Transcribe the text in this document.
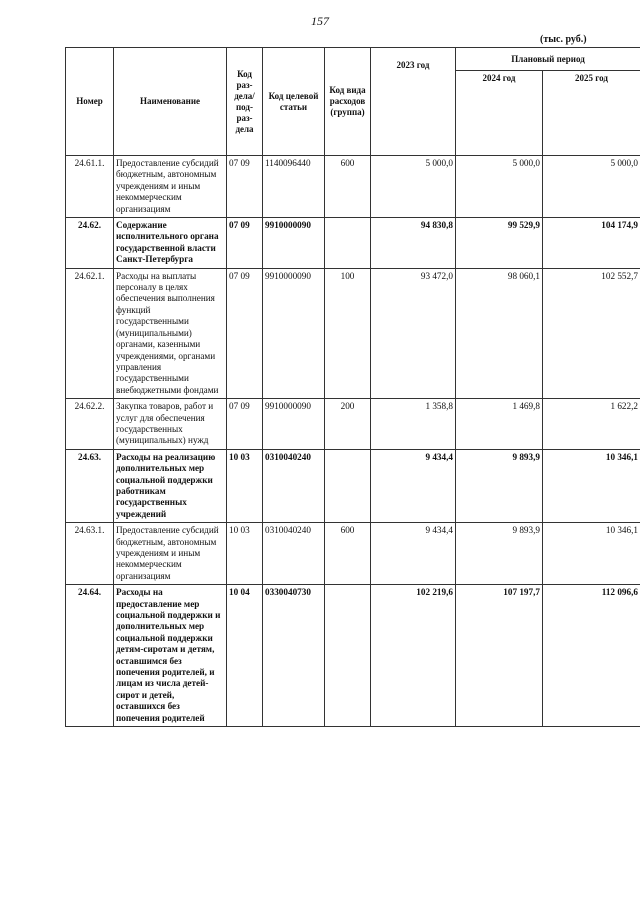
157
(тыс. руб.)
Номер	Наименование	Код раз-дела/ под-раз-дела	Код целевой статьи	Код вида расходов (группа)	2023 год	Плановый период	
						2024 год	2025 год
24.61.1.	Предоставление субсидий бюджетным, автономным учреждениям и иным некоммерческим организациям	07 09	1140096440	600	5 000,0	5 000,0	5 000,0
24.62.	Содержание исполнительного органа государственной власти Санкт-Петербурга	07 09	9910000090		94 830,8	99 529,9	104 174,9
24.62.1.	Расходы на выплаты персоналу в целях обеспечения выполнения функций государственными (муниципальными) органами, казенными учреждениями, органами управления государственными внебюджетными фондами	07 09	9910000090	100	93 472,0	98 060,1	102 552,7
24.62.2.	Закупка товаров, работ и услуг для обеспечения государственных (муниципальных) нужд	07 09	9910000090	200	1 358,8	1 469,8	1 622,2
24.63.	Расходы на реализацию дополнительных мер социальной поддержки работникам государственных учреждений	10 03	0310040240		9 434,4	9 893,9	10 346,1
24.63.1.	Предоставление субсидий бюджетным, автономным учреждениям и иным некоммерческим организациям	10 03	0310040240	600	9 434,4	9 893,9	10 346,1
24.64.	Расходы на предоставление мер социальной поддержки и дополнительных мер социальной поддержки детям-сиротам и детям, оставшимся без попечения родителей, и лицам из числа детей-сирот и детей, оставшихся без попечения родителей	10 04	0330040730		102 219,6	107 197,7	112 096,6
